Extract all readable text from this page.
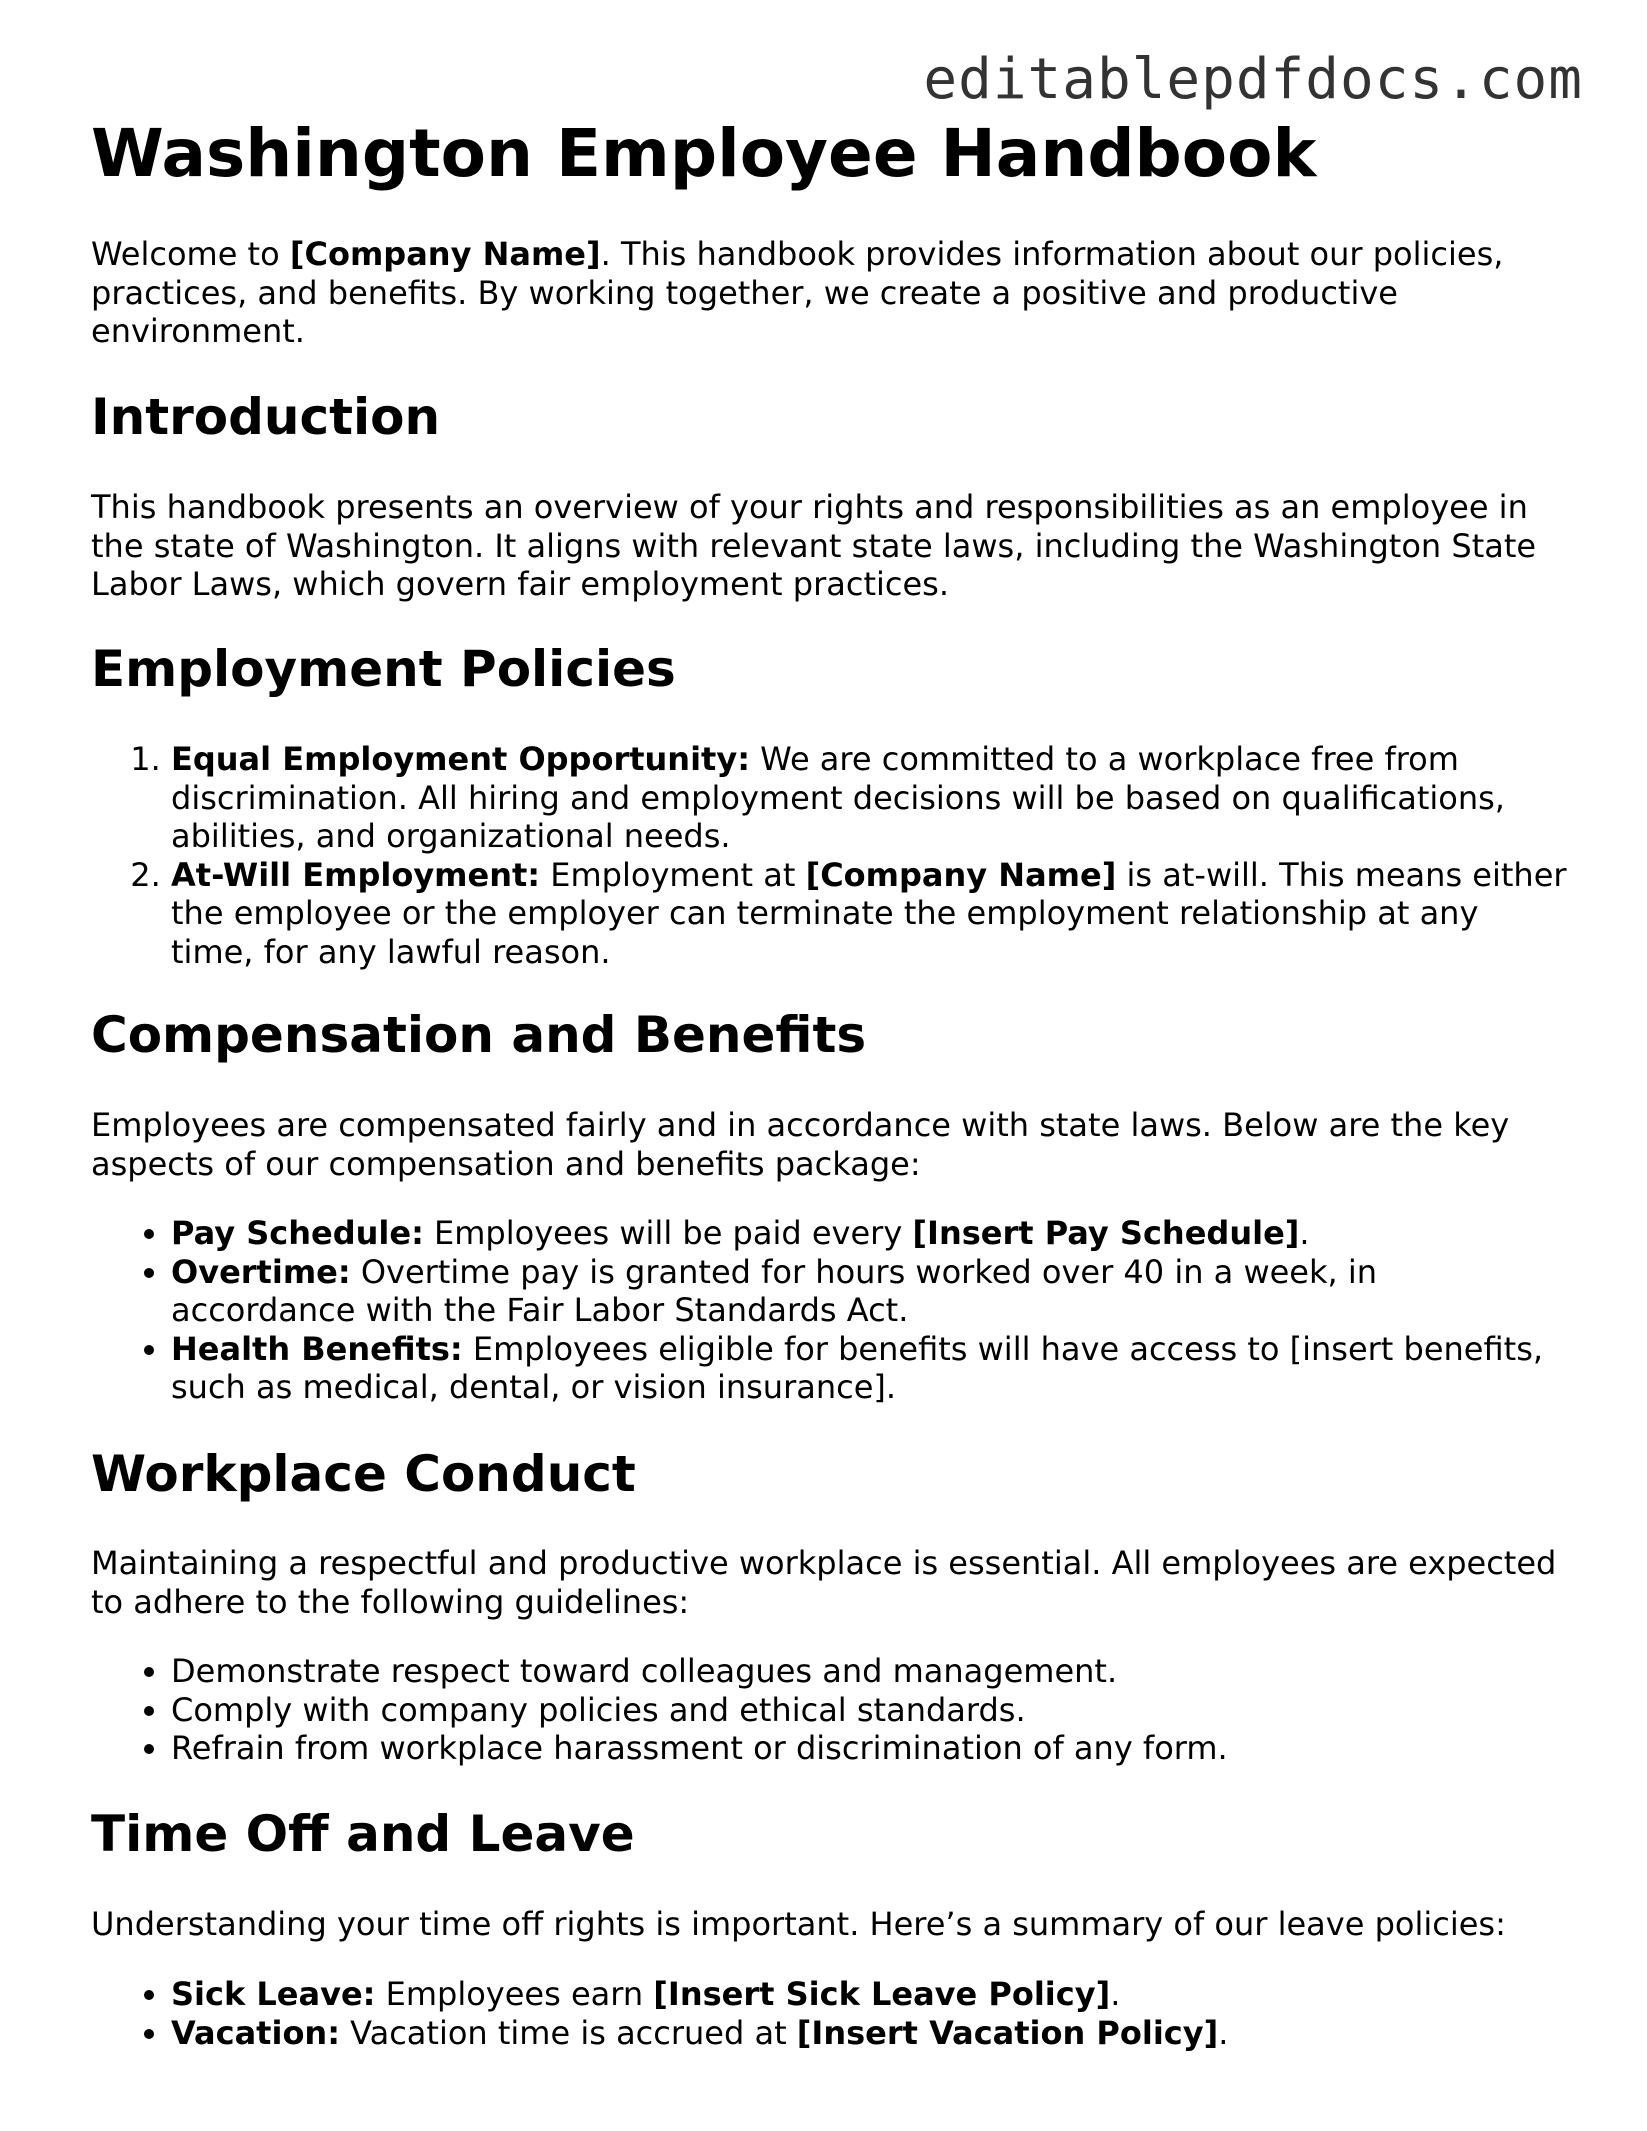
editablepdfdocs.com
Washington Employee Handbook

Welcome to [Company Name]. This handbook provides information about our policies, practices, and benefits. By working together, we create a positive and productive environment.

Introduction

This handbook presents an overview of your rights and responsibilities as an employee in the state of Washington. It aligns with relevant state laws, including the Washington State Labor Laws, which govern fair employment practices.

Employment Policies
1. Equal Employment Opportunity: We are committed to a workplace free from discrimination. All hiring and employment decisions will be based on qualifications, abilities, and organizational needs.
2. At-Will Employment: Employment at [Company Name] is at-will. This means either the employee or the employer can terminate the employment relationship at any time, for any lawful reason.
Compensation and Benefits

Employees are compensated fairly and in accordance with state laws. Below are the key aspects of our compensation and benefits package:

• Pay Schedule: Employees will be paid every [Insert Pay Schedule].
• Overtime: Overtime pay is granted for hours worked over 40 in a week, in accordance with the Fair Labor Standards Act.
• Health Benefits: Employees eligible for benefits will have access to [insert benefits, such as medical, dental, or vision insurance].
Workplace Conduct

Maintaining a respectful and productive workplace is essential. All employees are expected to adhere to the following guidelines:

• Demonstrate respect toward colleagues and management.
• Comply with company policies and ethical standards.
• Refrain from workplace harassment or discrimination of any form.
Time Off and Leave

Understanding your time off rights is important. Here’s a summary of our leave policies:

• Sick Leave: Employees earn [Insert Sick Leave Policy].
• Vacation: Vacation time is accrued at [Insert Vacation Policy].
